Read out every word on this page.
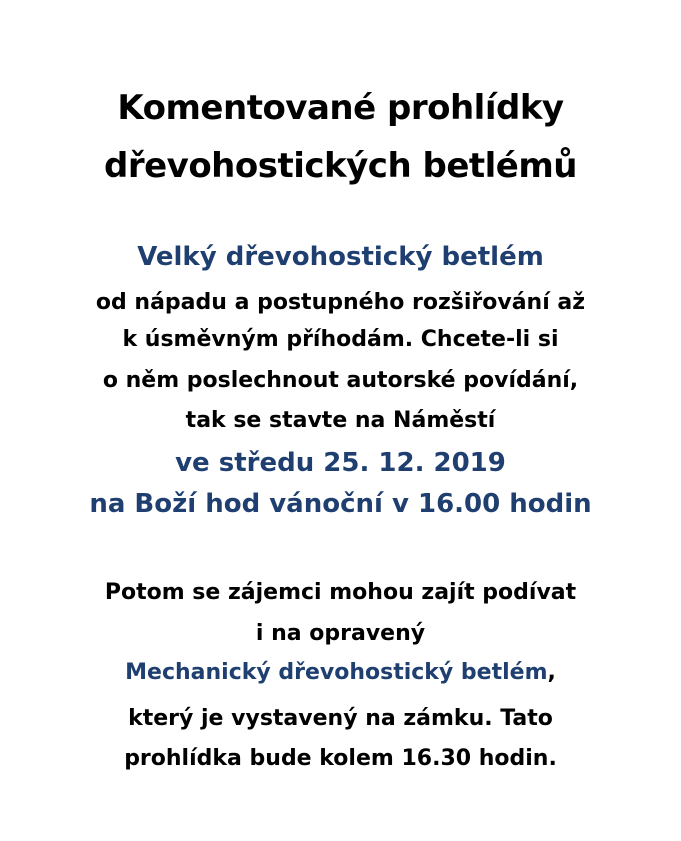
Komentované prohlídky
dřevohostických betlémů
Velký dřevohostický betlém
od nápadu a postupného rozšiřování až
k úsměvným příhodám. Chcete-li si
o něm poslechnout autorské povídání,
tak se stavte na Náměstí
ve středu 25. 12. 2019
na Boží hod vánoční v 16.00 hodin
Potom se zájemci mohou zajít podívat
i na opravený
Mechanický dřevohostický betlém,
který je vystavený na zámku. Tato
prohlídka bude kolem 16.30 hodin.
